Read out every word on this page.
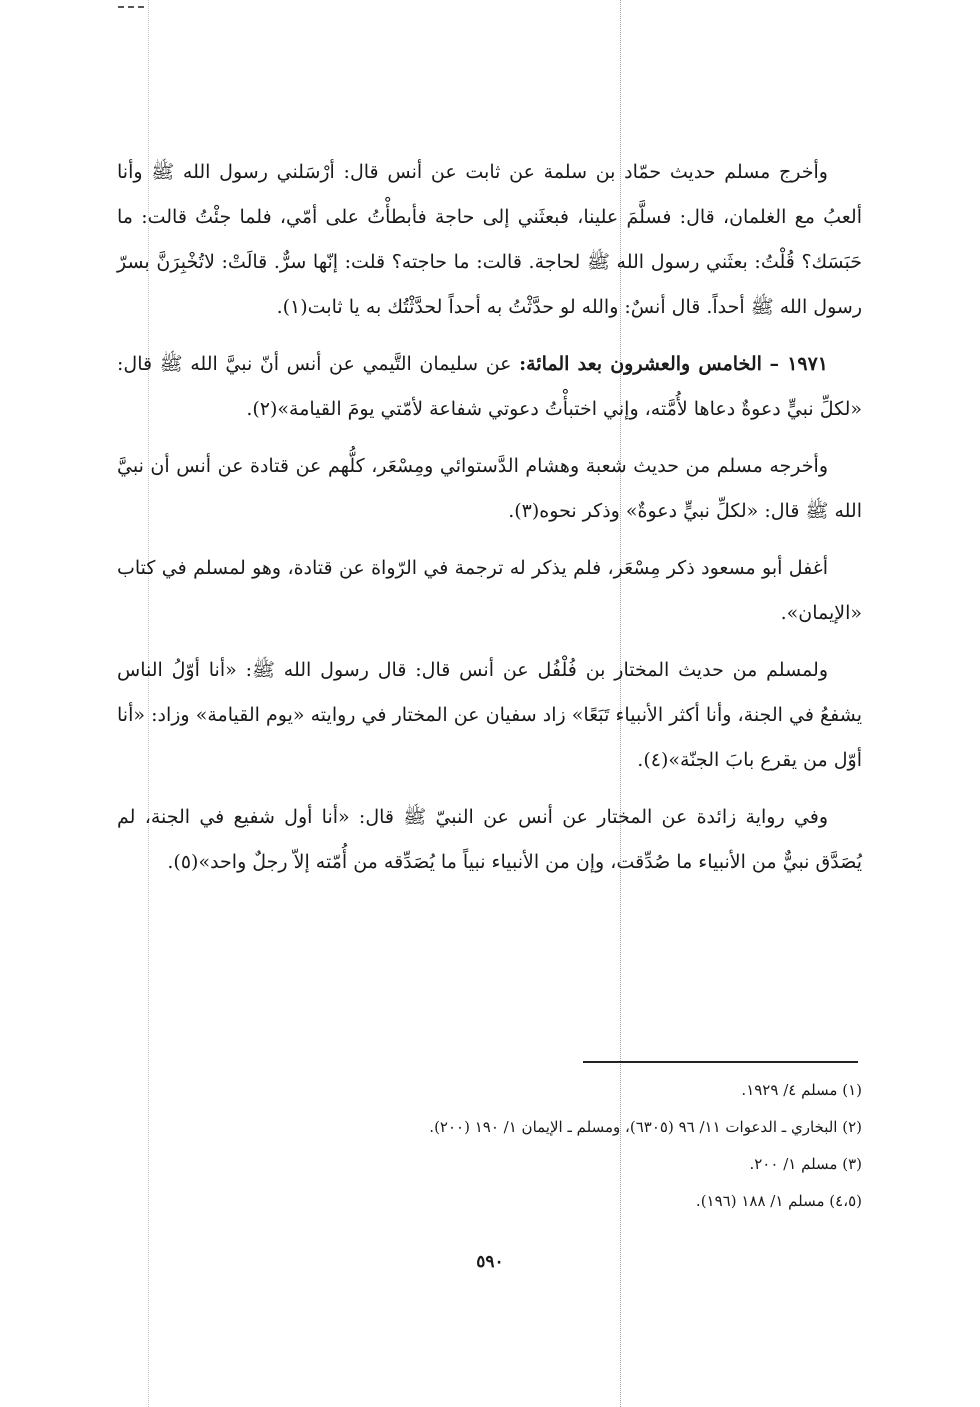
وأخرج مسلم حديث حمّاد بن سلمة عن ثابت عن أنس قال: أرْسَلني رسول الله ﷺ وأنا ألعبُ مع الغلمان، قال: فسلَّمَ علينا، فبعثَني إلى حاجة فأبطأْتُ على أمّي، فلما جئْتُ قالت: ما حَبَسَك؟ قُلْتُ: بعثَني رسول الله ﷺ لحاجة. قالت: ما حاجته؟ قلت: إنّها سرٌّ. قالَتْ: لاتُخْبِرَنَّ بسرّ رسول الله ﷺ أحداً. قال أنسٌ: والله لو حدَّثْتُ به أحداً لحدَّثْتُك به يا ثابت(١).

١٩٧١ – الخامس والعشرون بعد المائة: عن سليمان التَّيمي عن أنس أنّ نبيَّ الله ﷺ قال: «لكلِّ نبيٍّ دعوةٌ دعاها لأُمَّته، وإني اختبأْتُ دعوتي شفاعة لأمّتي يومَ القيامة»(٢).

وأخرجه مسلم من حديث شعبة وهشام الدَّستوائي ومِسْعَر، كلُّهم عن قتادة عن أنس أن نبيَّ الله ﷺ قال: «لكلِّ نبيٍّ دعوةٌ» وذكر نحوه(٣).

أغفل أبو مسعود ذكر مِسْعَر، فلم يذكر له ترجمة في الرّواة عن قتادة، وهو لمسلم في كتاب «الإيمان».

ولمسلم من حديث المختار بن فُلْفُل عن أنس قال: قال رسول الله ﷺ: «أنا أوّلُ الناس يشفعُ في الجنة، وأنا أكثر الأنبياء تَبَعًا» زاد سفيان عن المختار في روايته «يوم القيامة» وزاد: «أنا أوّل من يقرع بابَ الجنّة»(٤).

وفي رواية زائدة عن المختار عن أنس عن النبيّ ﷺ قال: «أنا أول شفيع في الجنة، لم يُصَدَّق نبيٌّ من الأنبياء ما صُدِّقت، وإن من الأنبياء نبياً ما يُصَدِّقه من أُمّته إلاّ رجلٌ واحد»(٥).

(١) مسلم ٤/ ١٩٢٩.

(٢) البخاري ـ الدعوات ١١/ ٩٦ (٦٣٠٥)، ومسلم ـ الإيمان ١/ ١٩٠ (٢٠٠).

(٣) مسلم ١/ ٢٠٠.

(٤،٥) مسلم ١/ ١٨٨ (١٩٦).

٥٩٠
